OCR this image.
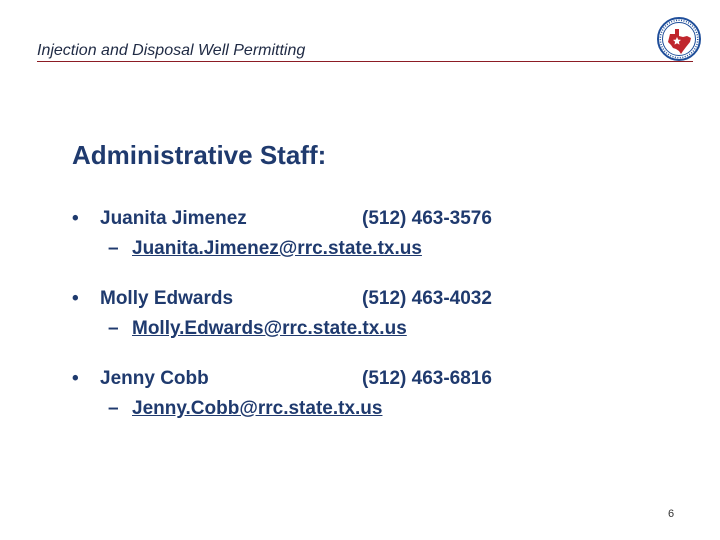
Injection and Disposal Well Permitting
Administrative Staff:
• Juanita Jimenez	(512) 463-3576
– Juanita.Jimenez@rrc.state.tx.us
• Molly Edwards	(512) 463-4032
– Molly.Edwards@rrc.state.tx.us
• Jenny Cobb	(512) 463-6816
– Jenny.Cobb@rrc.state.tx.us
6
